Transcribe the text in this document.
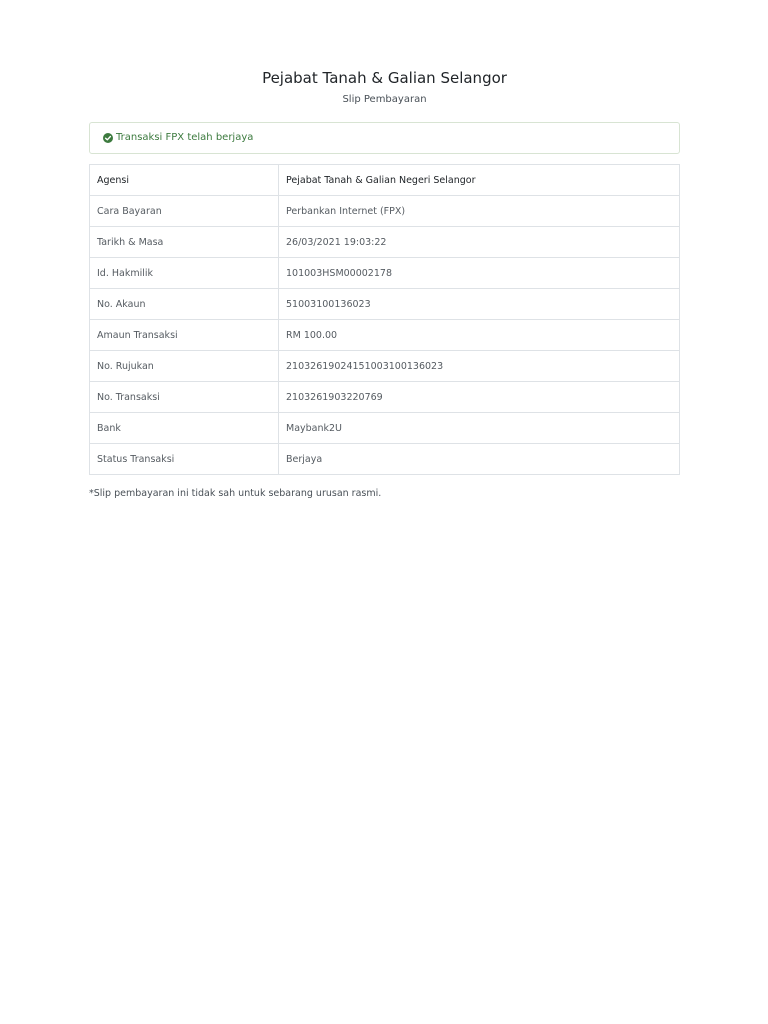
Pejabat Tanah & Galian Selangor
Slip Pembayaran
Transaksi FPX telah berjaya
Agensi	Pejabat Tanah & Galian Negeri Selangor
Cara Bayaran	Perbankan Internet (FPX)
Tarikh & Masa	26/03/2021 19:03:22
Id. Hakmilik	101003HSM00002178
No. Akaun	51003100136023
Amaun Transaksi	RM 100.00
No. Rujukan	21032619024151003100136023
No. Transaksi	2103261903220769
Bank	Maybank2U
Status Transaksi	Berjaya
*Slip pembayaran ini tidak sah untuk sebarang urusan rasmi.
